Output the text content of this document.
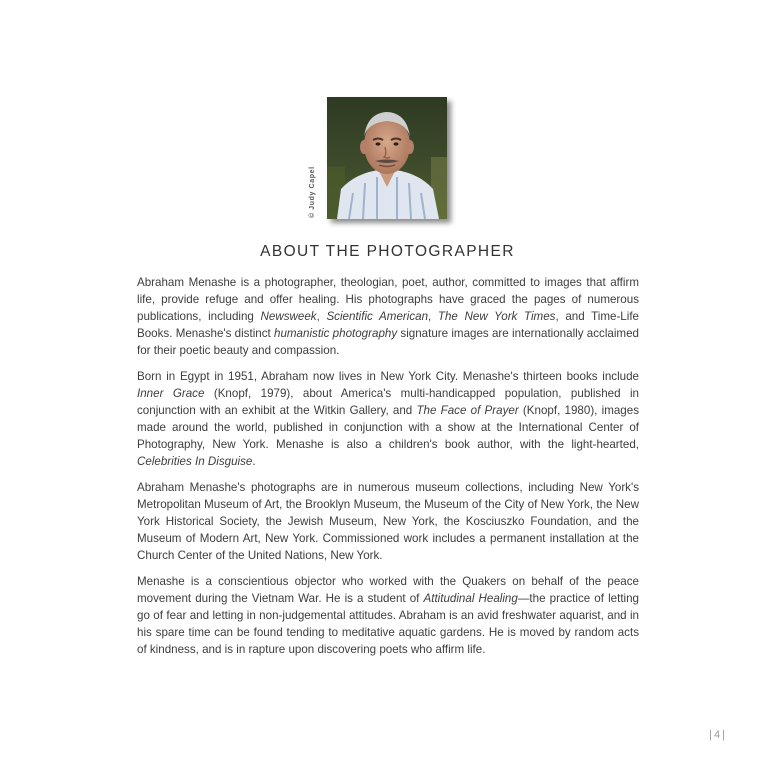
© Judy Capel
ABOUT THE PHOTOGRAPHER

Abraham Menashe is a photographer, theologian, poet, author, committed to images that affirm life, provide refuge and offer healing. His photographs have graced the pages of numerous publications, including Newsweek, Scientific American, The New York Times, and Time-Life Books. Menashe's distinct humanistic photography signature images are internationally acclaimed for their poetic beauty and compassion.

Born in Egypt in 1951, Abraham now lives in New York City. Menashe's thirteen books include Inner Grace (Knopf, 1979), about America's multi-handicapped population, published in conjunction with an exhibit at the Witkin Gallery, and The Face of Prayer (Knopf, 1980), images made around the world, published in conjunction with a show at the International Center of Photography, New York. Menashe is also a children's book author, with the light-hearted, Celebrities In Disguise.

Abraham Menashe's photographs are in numerous museum collections, including New York's Metropolitan Museum of Art, the Brooklyn Museum, the Museum of the City of New York, the New York Historical Society, the Jewish Museum, New York, the Kosciuszko Foundation, and the Museum of Modern Art, New York. Commissioned work includes a permanent installation at the Church Center of the United Nations, New York.

Menashe is a conscientious objector who worked with the Quakers on behalf of the peace movement during the Vietnam War. He is a student of Attitudinal Healing—the practice of letting go of fear and letting in non-judgemental attitudes. Abraham is an avid freshwater aquarist, and in his spare time can be found tending to meditative aquatic gardens. He is moved by random acts of kindness, and is in rapture upon discovering poets who affirm life.

|4|
